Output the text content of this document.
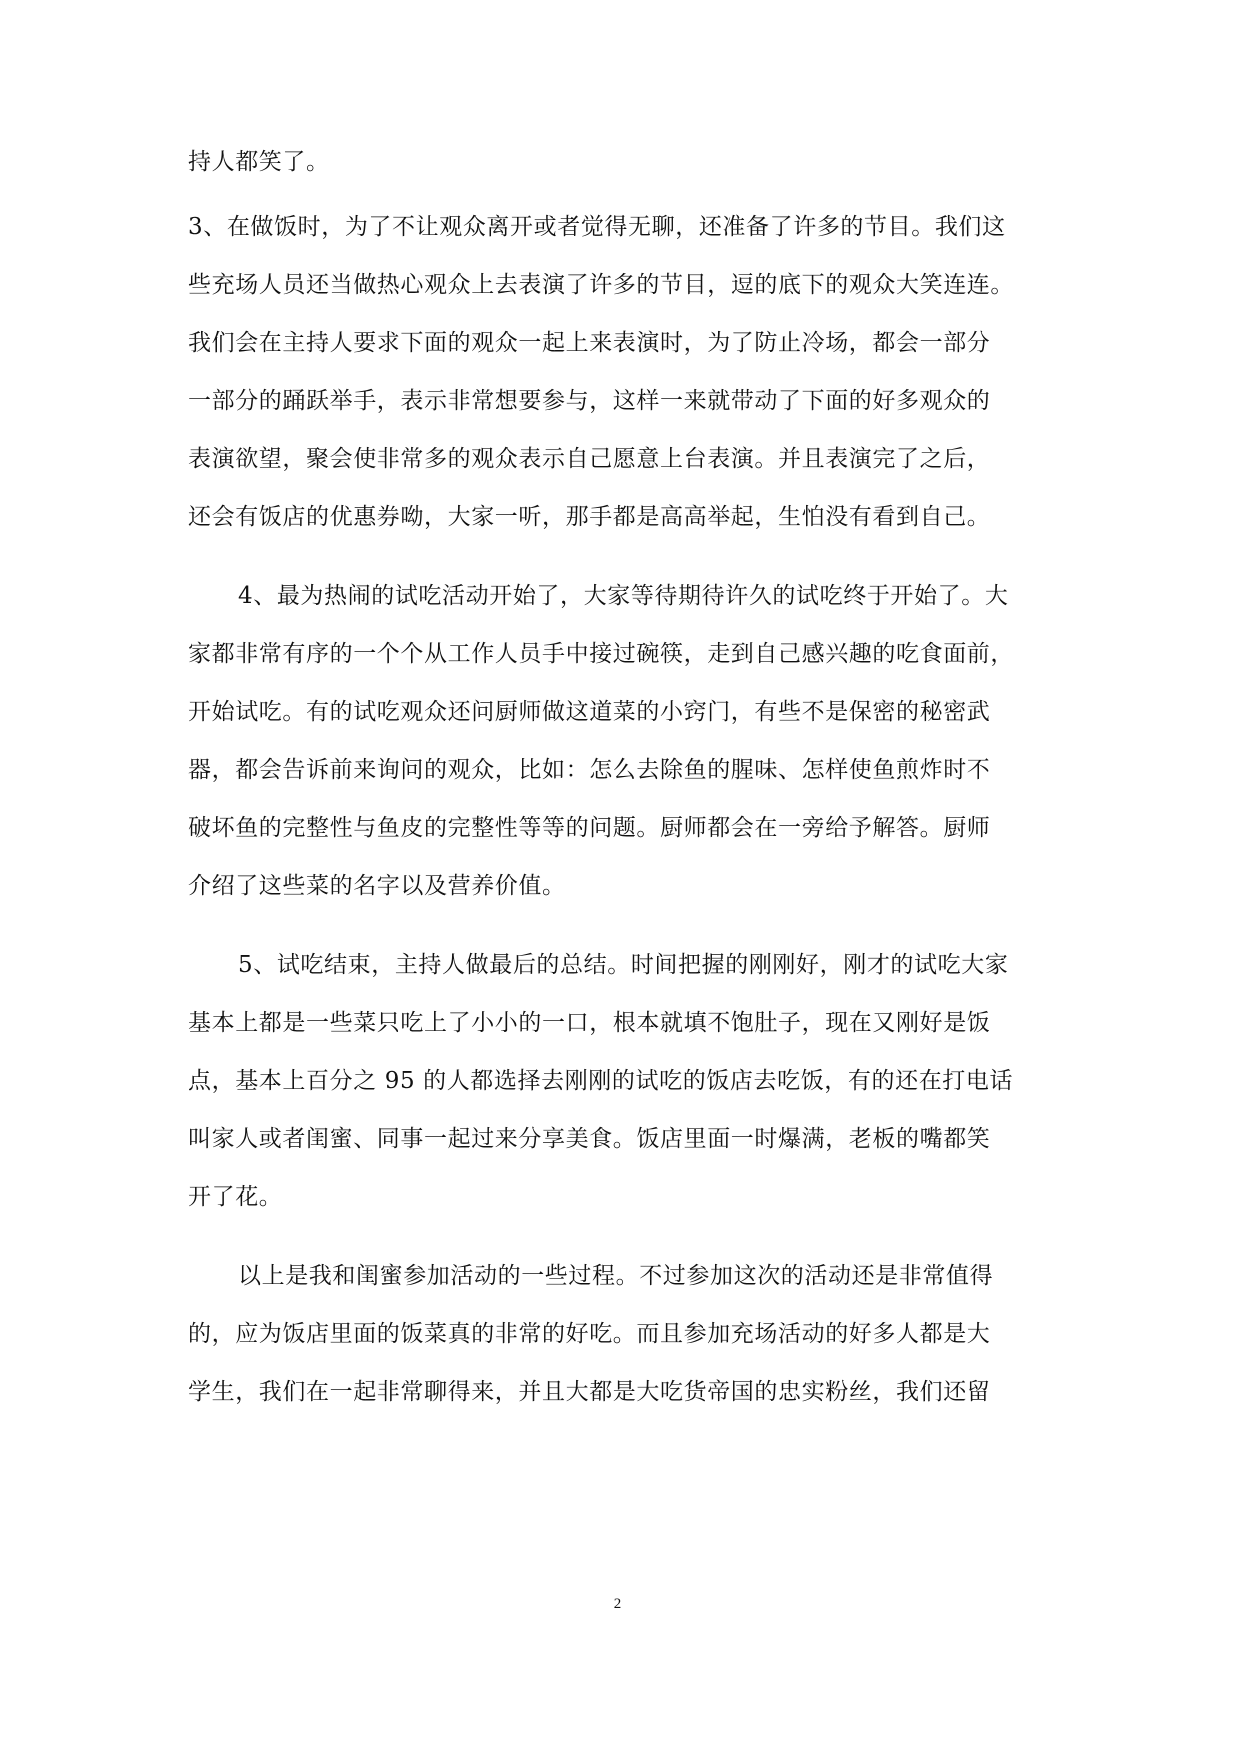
持人都笑了。
3、在做饭时，为了不让观众离开或者觉得无聊，还准备了许多的节目。我们这
些充场人员还当做热心观众上去表演了许多的节目，逗的底下的观众大笑连连。
我们会在主持人要求下面的观众一起上来表演时，为了防止冷场，都会一部分
一部分的踊跃举手，表示非常想要参与，这样一来就带动了下面的好多观众的
表演欲望，聚会使非常多的观众表示自己愿意上台表演。并且表演完了之后，
还会有饭店的优惠券呦，大家一听，那手都是高高举起，生怕没有看到自己。
4、最为热闹的试吃活动开始了，大家等待期待许久的试吃终于开始了。大
家都非常有序的一个个从工作人员手中接过碗筷，走到自己感兴趣的吃食面前，
开始试吃。有的试吃观众还问厨师做这道菜的小窍门，有些不是保密的秘密武
器，都会告诉前来询问的观众，比如：怎么去除鱼的腥味、怎样使鱼煎炸时不
破坏鱼的完整性与鱼皮的完整性等等的问题。厨师都会在一旁给予解答。厨师
介绍了这些菜的名字以及营养价值。
5、试吃结束，主持人做最后的总结。时间把握的刚刚好，刚才的试吃大家
基本上都是一些菜只吃上了小小的一口，根本就填不饱肚子，现在又刚好是饭
点，基本上百分之 95 的人都选择去刚刚的试吃的饭店去吃饭，有的还在打电话
叫家人或者闺蜜、同事一起过来分享美食。饭店里面一时爆满，老板的嘴都笑
开了花。
以上是我和闺蜜参加活动的一些过程。不过参加这次的活动还是非常值得
的，应为饭店里面的饭菜真的非常的好吃。而且参加充场活动的好多人都是大
学生，我们在一起非常聊得来，并且大都是大吃货帝国的忠实粉丝，我们还留
2
